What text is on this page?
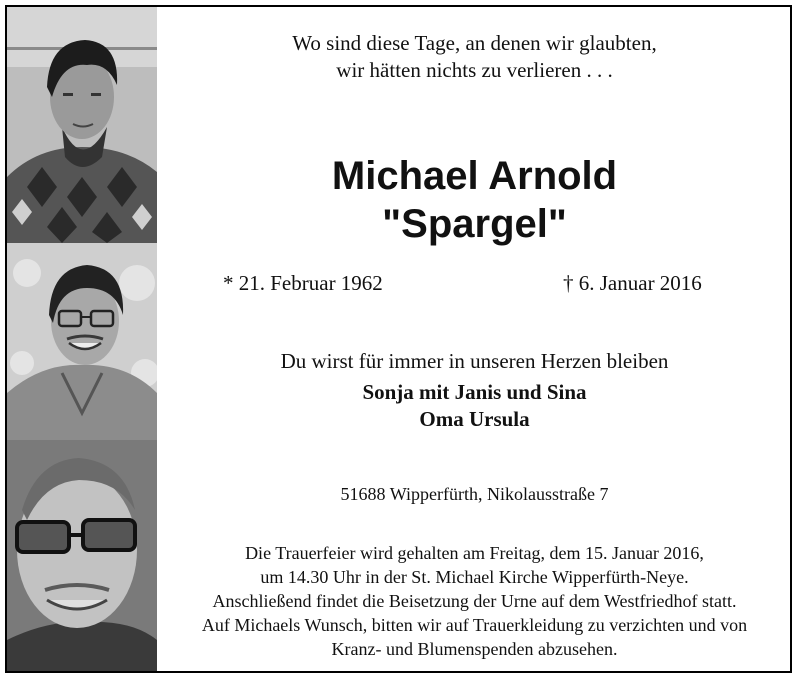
Wo sind diese Tage, an denen wir glaubten,
wir hätten nichts zu verlieren . . .
Michael Arnold
"Spargel"
* 21. Februar 1962	† 6. Januar 2016
Du wirst für immer in unseren Herzen bleiben
Sonja mit Janis und Sina
Oma Ursula
51688 Wipperfürth, Nikolausstraße 7
Die Trauerfeier wird gehalten am Freitag, dem 15. Januar 2016,
um 14.30 Uhr in der St. Michael Kirche Wipperfürth-Neye.
Anschließend findet die Beisetzung der Urne auf dem Westfriedhof statt.
Auf Michaels Wunsch, bitten wir auf Trauerkleidung zu verzichten und von
Kranz- und Blumenspenden abzusehen.
